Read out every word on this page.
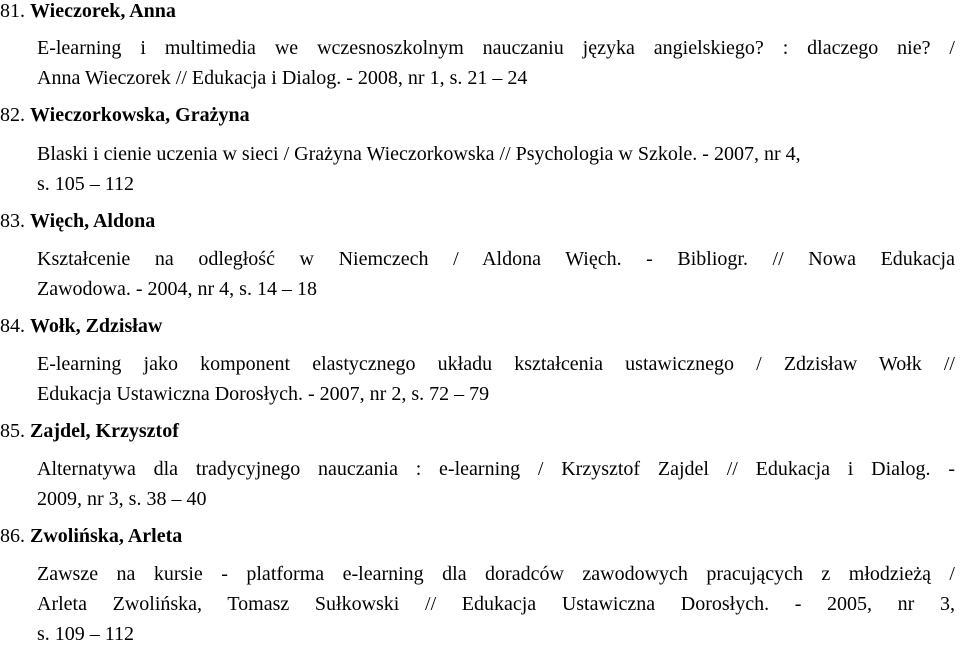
81. Wieczorek, Anna
E-learning i multimedia we wczesnoszkolnym nauczaniu języka angielskiego? : dlaczego nie? /
Anna Wieczorek // Edukacja i Dialog. - 2008, nr 1, s. 21 – 24
82. Wieczorkowska, Grażyna
Blaski i cienie uczenia w sieci / Grażyna Wieczorkowska // Psychologia w Szkole. - 2007, nr 4,
s. 105 – 112
83. Więch, Aldona
Kształcenie na odległość w Niemczech / Aldona Więch. - Bibliogr. // Nowa Edukacja
Zawodowa. - 2004, nr 4, s. 14 – 18
84. Wołk, Zdzisław
E-learning jako komponent elastycznego układu kształcenia ustawicznego / Zdzisław Wołk //
Edukacja Ustawiczna Dorosłych. - 2007, nr 2, s. 72 – 79
85. Zajdel, Krzysztof
Alternatywa dla tradycyjnego nauczania : e-learning / Krzysztof Zajdel // Edukacja i Dialog. -
2009, nr 3, s. 38 – 40
86. Zwolińska, Arleta
Zawsze na kursie - platforma e-learning dla doradców zawodowych pracujących z młodzieżą /
Arleta Zwolińska, Tomasz Sułkowski // Edukacja Ustawiczna Dorosłych. - 2005, nr 3,
s. 109 – 112
